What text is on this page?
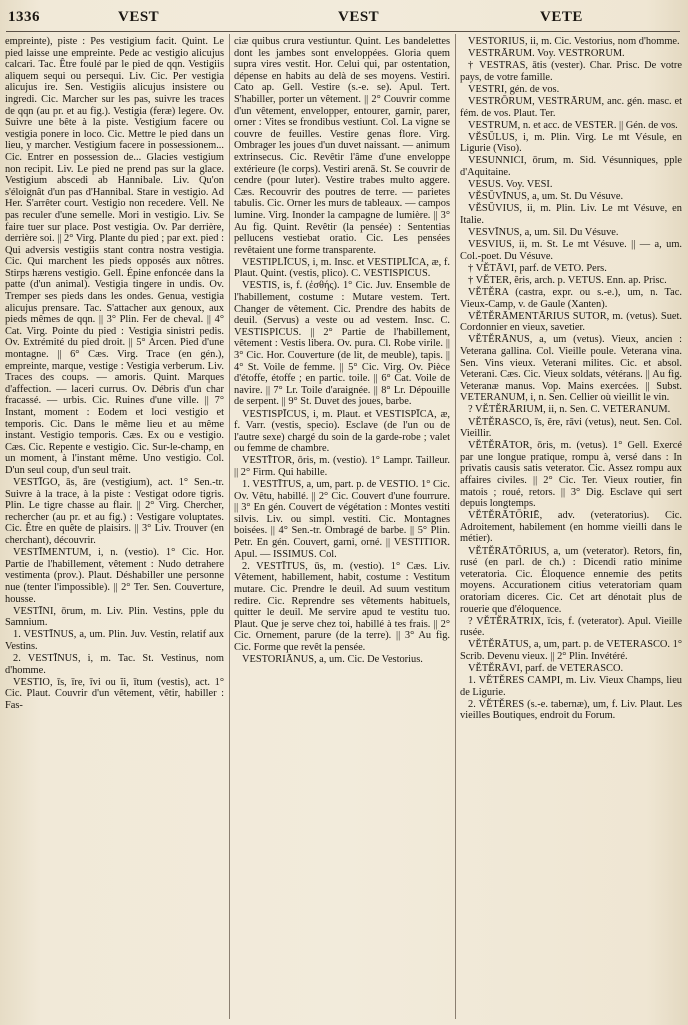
1336	VEST	VEST	VETE

empreinte), piste : Pes vestigium facit. Quint. Le pied laisse une empreinte. Pede ac vestigio alicujus calcari. Tac. Être foulé par le pied de qqn. Vestigiis aliquem sequi ou persequi. Liv. Cic. Per vestigia alicujus ire. Sen. Vestigiis alicujus insistere ou ingredi. Cic. Marcher sur les pas, suivre les traces de qqn (au pr. et au fig.). Vestigia (feræ) legere. Ov. Suivre une bête à la piste. Vestigium facere ou vestigia ponere in loco. Cic. Mettre le pied dans un lieu, y marcher. Vestigium facere in possessionem... Cic. Entrer en possession de... Glacies vestigium non recipit. Liv. Le pied ne prend pas sur la glace. Vestigium abscedi ab Hannibale. Liv. Qu'on s'éloignât d'un pas d'Hannibal. Stare in vestigio. Ad Her. S'arrêter court. Vestigio non recedere. Vell. Ne pas reculer d'une semelle. Mori in vestigio. Liv. Se faire tuer sur place. Post vestigia. Ov. Par derrière, derrière soi. || 2° Virg. Plante du pied ; par ext. pied : Qui adversis vestigiis stant contra nostra vestigia. Cic. Qui marchent les pieds opposés aux nôtres. Stirps hærens vestigio. Gell. Épine enfoncée dans la patte (d'un animal). Vestigia tingere in undis. Ov. Tremper ses pieds dans les ondes. Genua, vestigia alicujus prensare. Tac. S'attacher aux genoux, aux pieds mêmes de qqn. || 3° Plin. Fer de cheval. || 4° Cat. Virg. Pointe du pied : Vestigia sinistri pedis. Ov. Extrémité du pied droit. || 5° Arcen. Pied d'une montagne. || 6° Cæs. Virg. Trace (en gén.), empreinte, marque, vestige : Vestigia verberum. Liv. Traces des coups. — amoris. Quint. Marques d'affection. — laceri currus. Ov. Débris d'un char fracassé. — urbis. Cic. Ruines d'une ville. || 7° Instant, moment : Eodem et loci vestigio et temporis. Cic. Dans le même lieu et au même instant. Vestigio temporis. Cæs. Ex ou e vestigio. Cæs. Cic. Repente e vestigio. Cic. Sur-le-champ, en un moment, à l'instant même. Uno vestigio. Col. D'un seul coup, d'un seul trait.

VESTĪGO, ās, āre (vestigium), act. 1° Sen.-tr. Suivre à la trace, à la piste : Vestigat odore tigris. Plin. Le tigre chasse au flair. || 2° Virg. Chercher, rechercher (au pr. et au fig.) : Vestigare voluptates. Cic. Être en quête de plaisirs. || 3° Liv. Trouver (en cherchant), découvrir.

VESTĪMENTUM, i, n. (vestio). 1° Cic. Hor. Partie de l'habillement, vêtement : Nudo detrahere vestimenta (prov.). Plaut. Déshabiller une personne nue (tenter l'impossible). || 2° Ter. Sen. Couverture, housse.

VESTĪNI, ōrum, m. Liv. Plin. Vestins, pple du Samnium.

1. VESTĪNUS, a, um. Plin. Juv. Vestin, relatif aux Vestins.

2. VESTĪNUS, i, m. Tac. St. Vestinus, nom d'homme.

VESTIO, īs, īre, īvi ou ĭi, ītum (vestis), act. 1° Cic. Plaut. Couvrir d'un vêtement, vêtir, habiller : Fas-

ciæ quibus crura vestiuntur. Quint. Les bandelettes dont les jambes sont enveloppées. Gloria quem supra vires vestit. Hor. Celui qui, par ostentation, dépense en habits au delà de ses moyens. Vestiri. Cato ap. Gell. Vestire (s.-e. se). Apul. Tert. S'habiller, porter un vêtement. || 2° Couvrir comme d'un vêtement, envelopper, entourer, garnir, parer, orner : Vites se frondibus vestiunt. Col. La vigne se couvre de feuilles. Vestire genas flore. Virg. Ombrager les joues d'un duvet naissant. — animum extrinsecus. Cic. Revêtir l'âme d'une enveloppe extérieure (le corps). Vestiri arenā. St. Se couvrir de cendre (pour luter). Vestire trabes multo aggere. Cæs. Recouvrir des poutres de terre. — parietes tabulis. Cic. Orner les murs de tableaux. — campos lumine. Virg. Inonder la campagne de lumière. || 3° Au fig. Quint. Revêtir (la pensée) : Sententias pellucens vestiebat oratio. Cic. Les pensées revêtaient une forme transparente.

VESTIPLĪCUS, i, m. Insc. et VESTIPLĪCA, æ, f. Plaut. Quint. (vestis, plico). C. VESTISPICUS.

VESTIS, is, f. (ἐσθής). 1° Cic. Juv. Ensemble de l'habillement, costume : Mutare vestem. Tert. Changer de vêtement. Cic. Prendre des habits de deuil. (Servus) a veste ou ad vestem. Insc. C. VESTISPICUS. || 2° Partie de l'habillement, vêtement : Vestis libera. Ov. pura. Cl. Robe virile. || 3° Cic. Hor. Couverture (de lit, de meuble), tapis. || 4° St. Voile de femme. || 5° Cic. Virg. Ov. Pièce d'étoffe, étoffe ; en partic. toile. || 6° Cat. Voile de navire. || 7° Lr. Toile d'araignée. || 8° Lr. Dépouille de serpent. || 9° St. Duvet des joues, barbe.

VESTISPĪCUS, i, m. Plaut. et VESTISPĪCA, æ, f. Varr. (vestis, specio). Esclave (de l'un ou de l'autre sexe) chargé du soin de la garde-robe ; valet ou femme de chambre.

VESTĪTOR, ōris, m. (vestio). 1° Lampr. Tailleur. || 2° Firm. Qui habille.

1. VESTĪTUS, a, um, part. p. de VESTIO. 1° Cic. Ov. Vêtu, habillé. || 2° Cic. Couvert d'une fourrure. || 3° En gén. Couvert de végétation : Montes vestiti silvis. Liv. ou simpl. vestiti. Cic. Montagnes boisées. || 4° Sen.-tr. Ombragé de barbe. || 5° Plin. Petr. En gén. Couvert, garni, orné. || VESTITIOR. Apul. — ISSIMUS. Col.

2. VESTĪTUS, ūs, m. (vestio). 1° Cæs. Liv. Vêtement, habillement, habit, costume : Vestitum mutare. Cic. Prendre le deuil. Ad suum vestitum redire. Cic. Reprendre ses vêtements habituels, quitter le deuil. Me servire apud te vestitu tuo. Plaut. Que je serve chez toi, habillé à tes frais. || 2° Cic. Ornement, parure (de la terre). || 3° Au fig. Cic. Forme que revêt la pensée.

VESTORIĀNUS, a, um. Cic. De Vestorius.

VESTORIUS, ii, m. Cic. Vestorius, nom d'homme.

VESTRĀRUM. Voy. VESTRORUM.

† VESTRAS, ātis (vester). Char. Prisc. De votre pays, de votre famille.

VESTRI, gén. de vos.

VESTRŌRUM, VESTRĀRUM, anc. gén. masc. et fém. de vos. Plaut. Ter.

VESTRUM, n. et acc. de VESTER. || Gén. de vos.

VĔSŬLUS, i, m. Plin. Virg. Le mt Vésule, en Ligurie (Viso).

VESUNNICI, ōrum, m. Sid. Vésunniques, pple d'Aquitaine.

VESUS. Voy. VESI.

VĔSŬVĪNUS, a, um. St. Du Vésuve.

VĔSŬVIUS, ii, m. Plin. Liv. Le mt Vésuve, en Italie.

VESVĪNUS, a, um. Sil. Du Vésuve.

VESVIUS, ii, m. St. Le mt Vésuve. || — a, um. Col.-poet. Du Vésuve.

† VĔTĀVI, parf. de VETO. Pers.

† VĔTER, ĕris, arch. p. VETUS. Enn. ap. Prisc.

VĔTĔRA (castra, expr. ou s.-e.), um, n. Tac. Vieux-Camp, v. de Gaule (Xanten).

VĔTĔRĀMENTĀRIUS SUTOR, m. (vetus). Suet. Cordonnier en vieux, savetier.

VĔTĔRĀNUS, a, um (vetus). Vieux, ancien : Veterana gallina. Col. Vieille poule. Veterana vina. Sen. Vins vieux. Veterani milites. Cic. et absol. Veterani. Cæs. Cic. Vieux soldats, vétérans. || Au fig. Veteranæ manus. Vop. Mains exercées. || Subst. VETERANUM, i, n. Sen. Cellier où vieillit le vin.

? VĔTĔRĀRIUM, ii, n. Sen. C. VETERANUM.

VĔTĔRASCO, īs, ĕre, rāvi (vetus), neut. Sen. Col. Vieillir.

VĔTĔRĀTOR, ōris, m. (vetus). 1° Gell. Exercé par une longue pratique, rompu à, versé dans : In privatis causis satis veterator. Cic. Assez rompu aux affaires civiles. || 2° Cic. Ter. Vieux routier, fin matois ; roué, retors. || 3° Dig. Esclave qui sert depuis longtemps.

VĔTĔRĀTŌRIĒ, adv. (veteratorius). Cic. Adroitement, habilement (en homme vieilli dans le métier).

VĔTĔRĀTŌRIUS, a, um (veterator). Retors, fin, rusé (en parl. de ch.) : Dicendi ratio minime veteratoria. Cic. Éloquence ennemie des petits moyens. Accurationem citius veteratoriam quam oratoriam diceres. Cic. Cet art dénotait plus de rouerie que d'éloquence.

? VĔTĔRĀTRIX, īcis, f. (veterator). Apul. Vieille rusée.

VĔTĔRĀTUS, a, um, part. p. de VETERASCO. 1° Scrib. Devenu vieux. || 2° Plin. Invétéré.

VĔTĔRĀVI, parf. de VETERASCO.

1. VĔTĔRES CAMPI, m. Liv. Vieux Champs, lieu de Ligurie.

2. VĔTĔRES (s.-e. tabernæ), um, f. Liv. Plaut. Les vieilles Boutiques, endroit du Forum.
